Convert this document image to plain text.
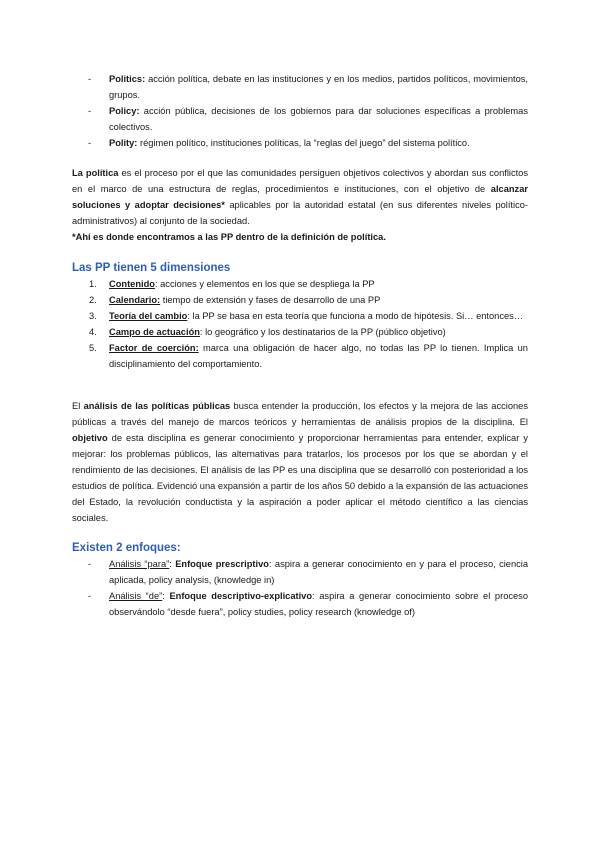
- Politics: acción política, debate en las instituciones y en los medios, partidos políticos, movimientos, grupos.
- Policy: acción pública, decisiones de los gobiernos para dar soluciones específicas a problemas colectivos.
- Polity: régimen político, instituciones políticas, la “reglas del juego” del sistema político.

La política es el proceso por el que las comunidades persiguen objetivos colectivos y abordan sus conflictos en el marco de una estructura de reglas, procedimientos e instituciones, con el objetivo de alcanzar soluciones y adoptar decisiones* aplicables por la autoridad estatal (en sus diferentes niveles político-administrativos) al conjunto de la sociedad.

*Ahí es donde encontramos a las PP dentro de la definición de política.

Las PP tienen 5 dimensiones
1. Contenido: acciones y elementos en los que se despliega la PP
2. Calendario: tiempo de extensión y fases de desarrollo de una PP
3. Teoría del cambio: la PP se basa en esta teoría que funciona a modo de hipótesis. Si… entonces…
4. Campo de actuación: lo geográfico y los destinatarios de la PP (público objetivo)
5. Factor de coerción: marca una obligación de hacer algo, no todas las PP lo tienen. Implica un disciplinamiento del comportamiento.

El análisis de las políticas públicas busca entender la producción, los efectos y la mejora de las acciones públicas a través del manejo de marcos teóricos y herramientas de análisis propios de la disciplina. El objetivo de esta disciplina es generar conocimiento y proporcionar herramientas para entender, explicar y mejorar: los problemas públicos, las alternativas para tratarlos, los procesos por los que se abordan y el rendimiento de las decisiones. El análisis de las PP es una disciplina que se desarrolló con posterioridad a los estudios de política. Evidenció una expansión a partir de los años 50 debido a la expansión de las actuaciones del Estado, la revolución conductista y la aspiración a poder aplicar el método científico a las ciencias sociales.

Existen 2 enfoques:
- Análisis “para”: Enfoque prescriptivo: aspira a generar conocimiento en y para el proceso, ciencia aplicada, policy analysis, (knowledge in)
- Análisis “de”: Enfoque descriptivo-explicativo: aspira a generar conocimiento sobre el proceso observándolo “desde fuera”, policy studies, policy research (knowledge of)
